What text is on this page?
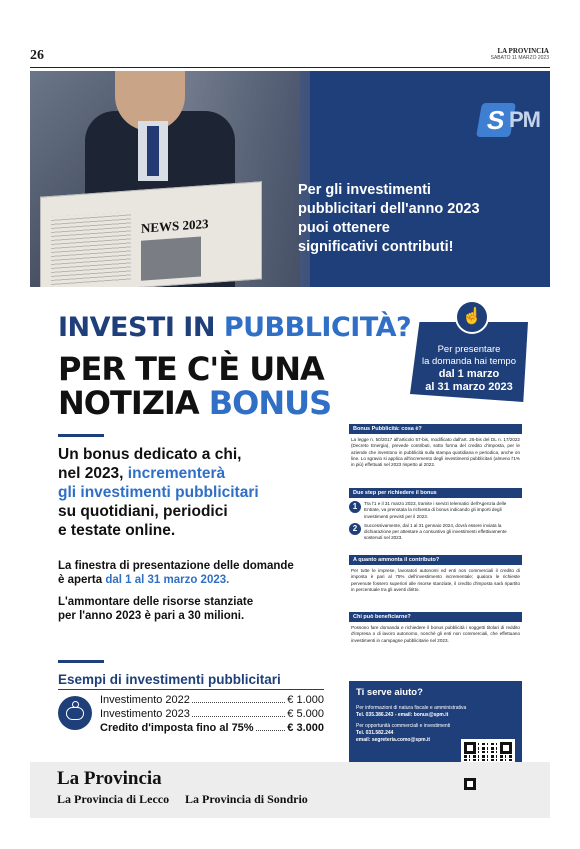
26	LA PROVINCIA
SABATO 11 MARZO 2023
NEWS 2023
S PM
Per gli investimenti
pubblicitari dell'anno 2023
puoi ottenere
significativi contributi!
INVESTI IN PUBBLICITÀ?
PER TE C'È UNA
NOTIZIA BONUS
☝
Per presentare
la domanda hai tempo
dal 1 marzo
al 31 marzo 2023
Un bonus dedicato a chi,
nel 2023, incrementerà
gli investimenti pubblicitari
su quotidiani, periodici
e testate online.
La finestra di presentazione delle domande
è aperta dal 1 al 31 marzo 2023.
L'ammontare delle risorse stanziate
per l'anno 2023 è pari a 30 milioni.
Bonus Pubblicità: cosa è?
La legge n. 50/2017 all'articolo 57-bis, modificato dall'art. 25-bis del DL n. 17/2022 (Decreto Energia), prevede contributi, sotto forma del credito d'imposta, per le aziende che investono in pubblicità sulla stampa quotidiana e periodica, anche on line. Lo sgravio si applica all'incremento degli investimenti pubblicitari (almeno l'1% in più) effettuati nel 2023 rispetto al 2022.
Due step per richiedere il bonus
1	Tra l'1 e il 31 marzo 2023, tramite i servizi telematici dell'Agenzia delle Entrate, va prenotata la richiesta di bonus indicando gli importi degli investimenti previsti per il 2023.
2	Successivamente, dal 1 al 31 gennaio 2024, dovrà essere inviata la dichiarazione per attestare a consuntivo gli investimenti effettivamente sostenuti nel 2023.
A quanto ammonta il contributo?
Per tutte le imprese, lavoratori autonomi ed enti non commerciali il credito di imposta è pari al 75% dell'investimento incrementale; qualora le richieste pervenute fossero superiori alle risorse stanziate, il credito d'imposta sarà ripartito in percentuale tra gli aventi diritto.
Chi può beneficiarne?
Possono fare domanda e richiedere il bonus pubblicità i soggetti titolari di reddito d'impresa o di lavoro autonomo, nonché gli enti non commerciali, che effettuano investimenti in campagne pubblicitarie nel 2023.
Esempi di investimenti pubblicitari
Investimento 2022	€ 1.000
Investimento 2023	€ 5.000
Credito d'imposta fino al 75%	€ 3.000
Ti serve aiuto?
Per informazioni di natura fiscale e amministrativa
Tel. 035.386.243 - email: bonus@spm.it
Per opportunità commerciali e investimenti
Tel. 031.582.244
email: segreteria.como@spm.it
La Provincia
La Provincia di Lecco La Provincia di Sondrio
